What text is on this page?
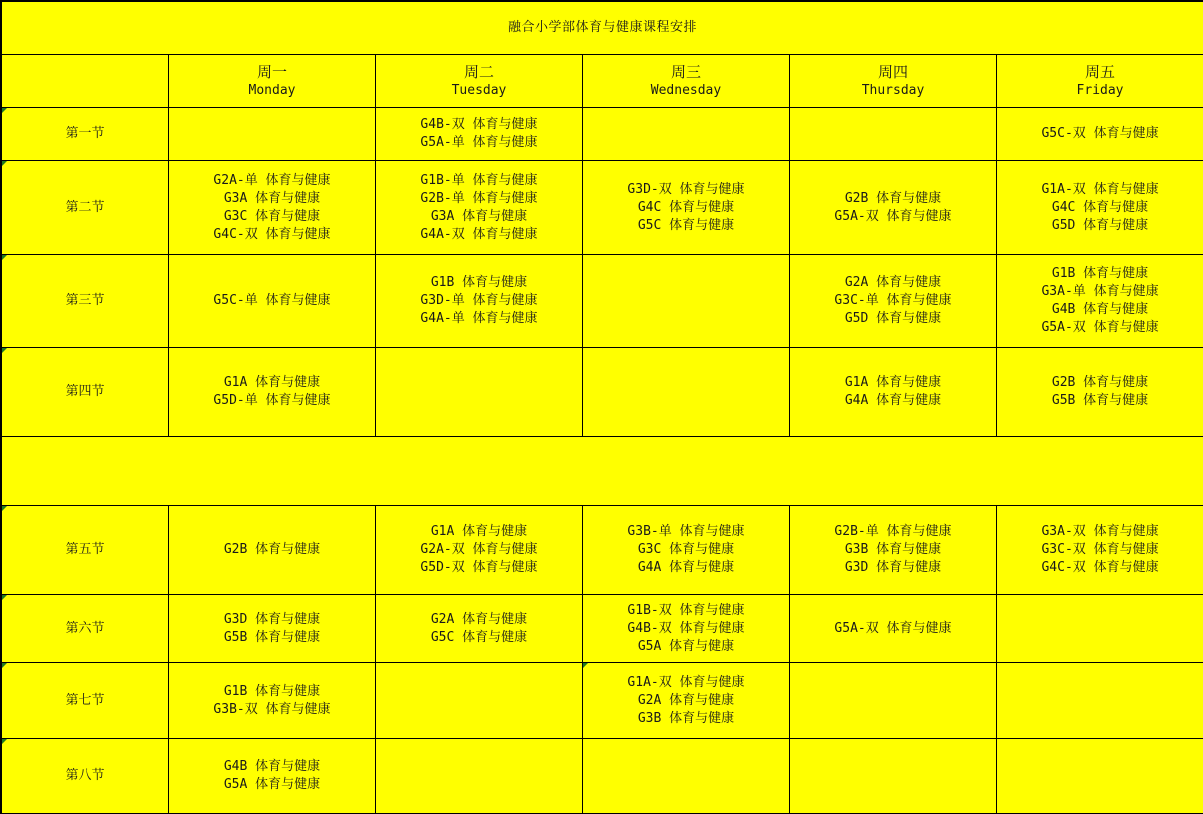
融合小学部体育与健康课程安排					

	周一
Monday	周二
Tuesday	周三
Wednesday	周四
Thursday	周五
Friday

第一节		G4B-双 体育与健康
G5A-单 体育与健康			G5C-双 体育与健康

第二节	G2A-单 体育与健康
G3A 体育与健康
G3C 体育与健康
G4C-双 体育与健康	G1B-单 体育与健康
G2B-单 体育与健康
G3A 体育与健康
G4A-双 体育与健康	G3D-双 体育与健康
G4C 体育与健康
G5C 体育与健康	G2B 体育与健康
G5A-双 体育与健康	G1A-双 体育与健康
G4C 体育与健康
G5D 体育与健康

第三节	G5C-单 体育与健康	G1B 体育与健康
G3D-单 体育与健康
G4A-单 体育与健康		G2A 体育与健康
G3C-单 体育与健康
G5D 体育与健康	G1B 体育与健康
G3A-单 体育与健康
G4B 体育与健康
G5A-双 体育与健康

第四节	G1A 体育与健康
G5D-单 体育与健康			G1A 体育与健康
G4A 体育与健康	G2B 体育与健康
G5B 体育与健康

第五节	G2B 体育与健康	G1A 体育与健康
G2A-双 体育与健康
G5D-双 体育与健康	G3B-单 体育与健康
G3C 体育与健康
G4A 体育与健康	G2B-单 体育与健康
G3B 体育与健康
G3D 体育与健康	G3A-双 体育与健康
G3C-双 体育与健康
G4C-双 体育与健康

第六节	G3D 体育与健康
G5B 体育与健康	G2A 体育与健康
G5C 体育与健康	G1B-双 体育与健康
G4B-双 体育与健康
G5A 体育与健康	G5A-双 体育与健康	

第七节	G1B 体育与健康
G3B-双 体育与健康		G1A-双 体育与健康
G2A 体育与健康
G3B 体育与健康		

第八节	G4B 体育与健康
G5A 体育与健康				
